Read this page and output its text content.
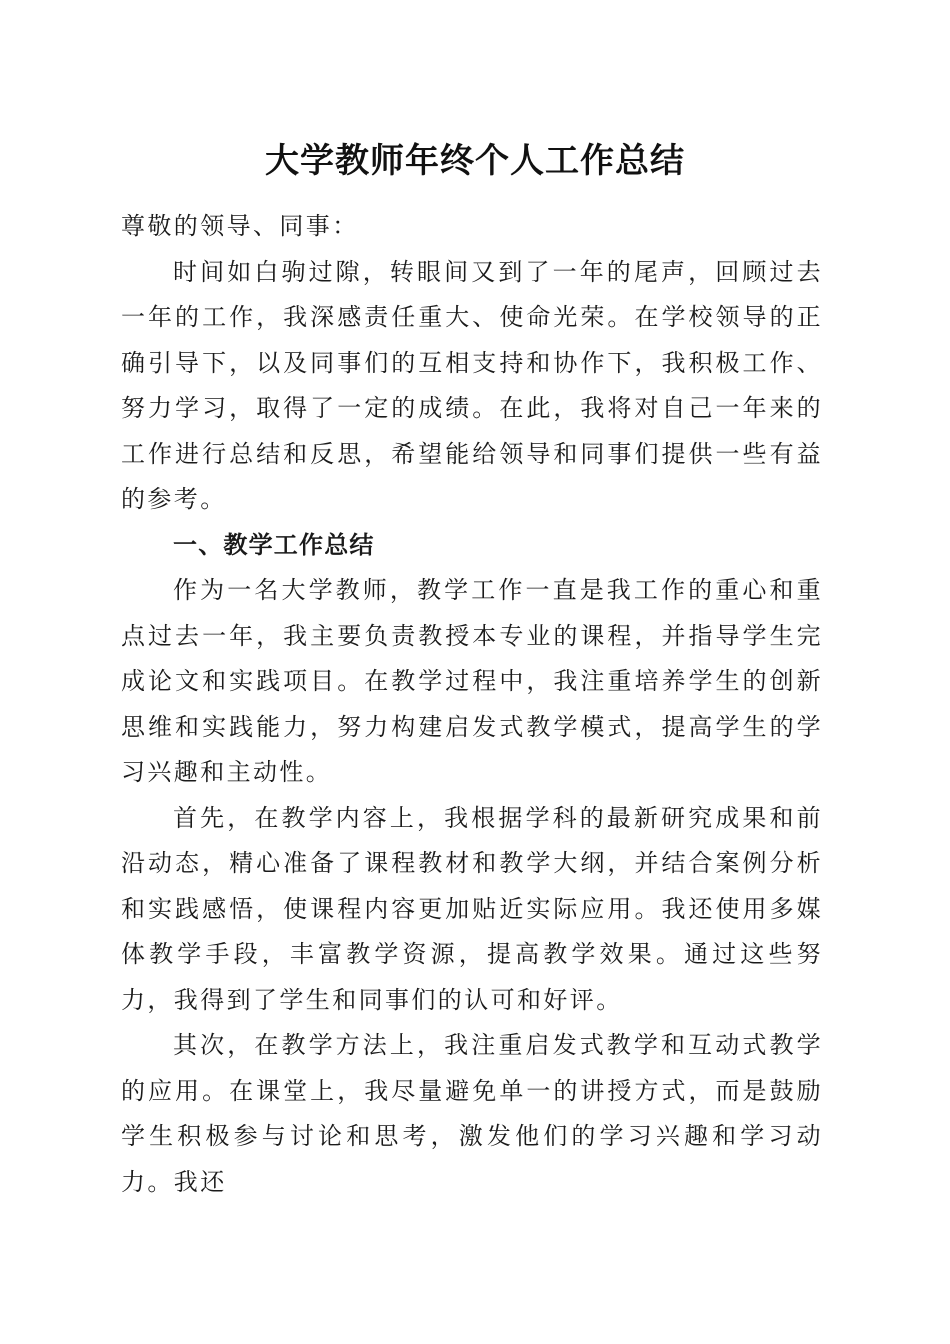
大学教师年终个人工作总结

尊敬的领导、同事：

时间如白驹过隙，转眼间又到了一年的尾声，回顾过去一年的工作，我深感责任重大、使命光荣。在学校领导的正确引导下，以及同事们的互相支持和协作下，我积极工作、努力学习，取得了一定的成绩。在此，我将对自己一年来的工作进行总结和反思，希望能给领导和同事们提供一些有益的参考。

一、教学工作总结

作为一名大学教师，教学工作一直是我工作的重心和重点过去一年，我主要负责教授本专业的课程，并指导学生完成论文和实践项目。在教学过程中，我注重培养学生的创新思维和实践能力，努力构建启发式教学模式，提高学生的学习兴趣和主动性。

首先，在教学内容上，我根据学科的最新研究成果和前沿动态，精心准备了课程教材和教学大纲，并结合案例分析和实践感悟，使课程内容更加贴近实际应用。我还使用多媒体教学手段，丰富教学资源，提高教学效果。通过这些努力，我得到了学生和同事们的认可和好评。

其次，在教学方法上，我注重启发式教学和互动式教学的应用。在课堂上，我尽量避免单一的讲授方式，而是鼓励学生积极参与讨论和思考，激发他们的学习兴趣和学习动力。我还
